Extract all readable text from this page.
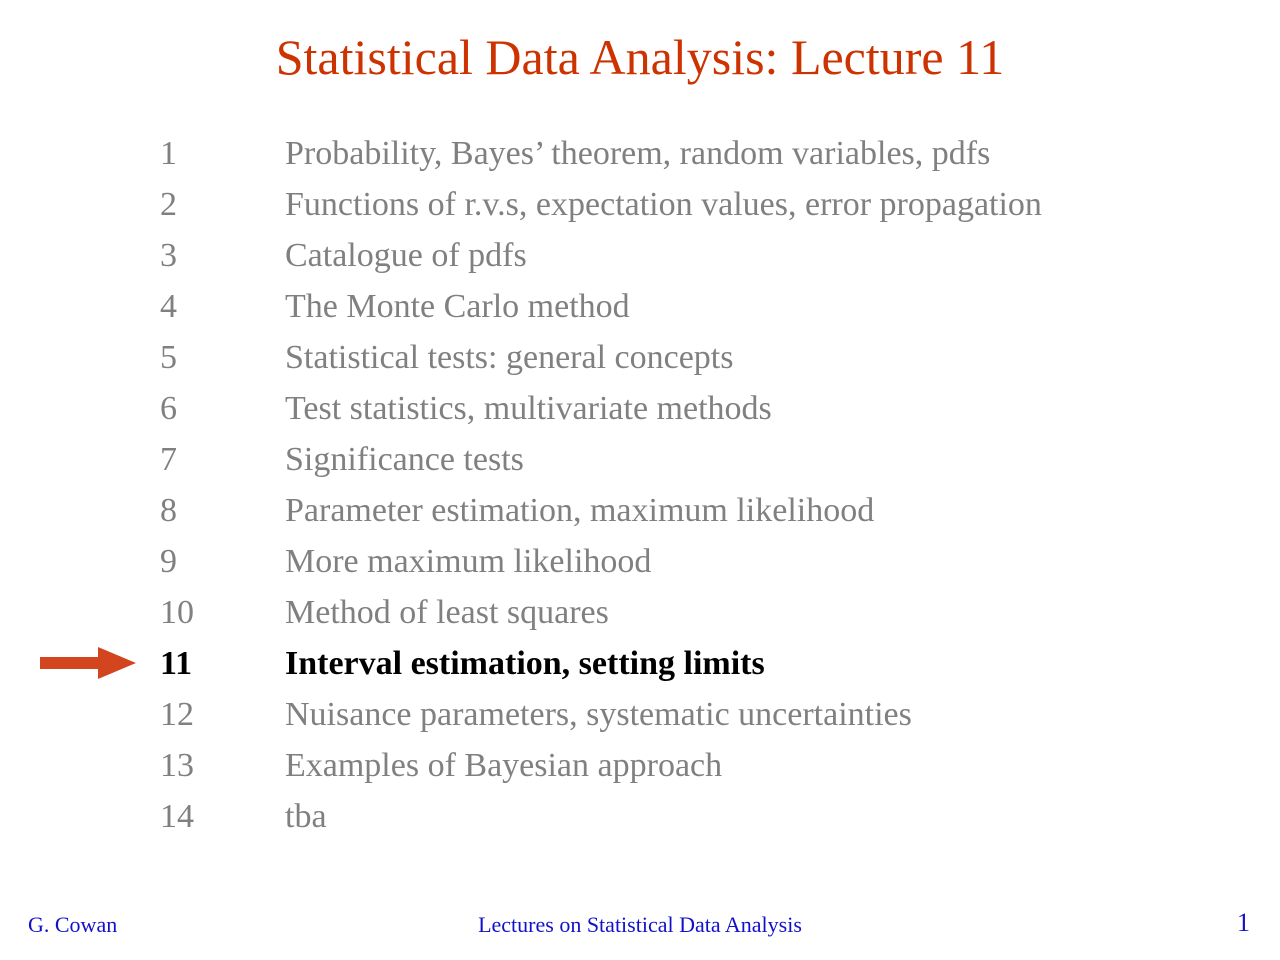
Statistical Data Analysis: Lecture 11
1	Probability, Bayes’ theorem, random variables, pdfs
2	Functions of r.v.s, expectation values, error propagation
3	Catalogue of pdfs
4	The Monte Carlo method
5	Statistical tests: general concepts
6	Test statistics, multivariate methods
7	Significance tests
8	Parameter estimation, maximum likelihood
9	More maximum likelihood
10	Method of least squares
11	Interval estimation, setting limits
12	Nuisance parameters, systematic uncertainties
13	Examples of Bayesian approach
14	tba
G. Cowan	Lectures on Statistical Data Analysis	1
